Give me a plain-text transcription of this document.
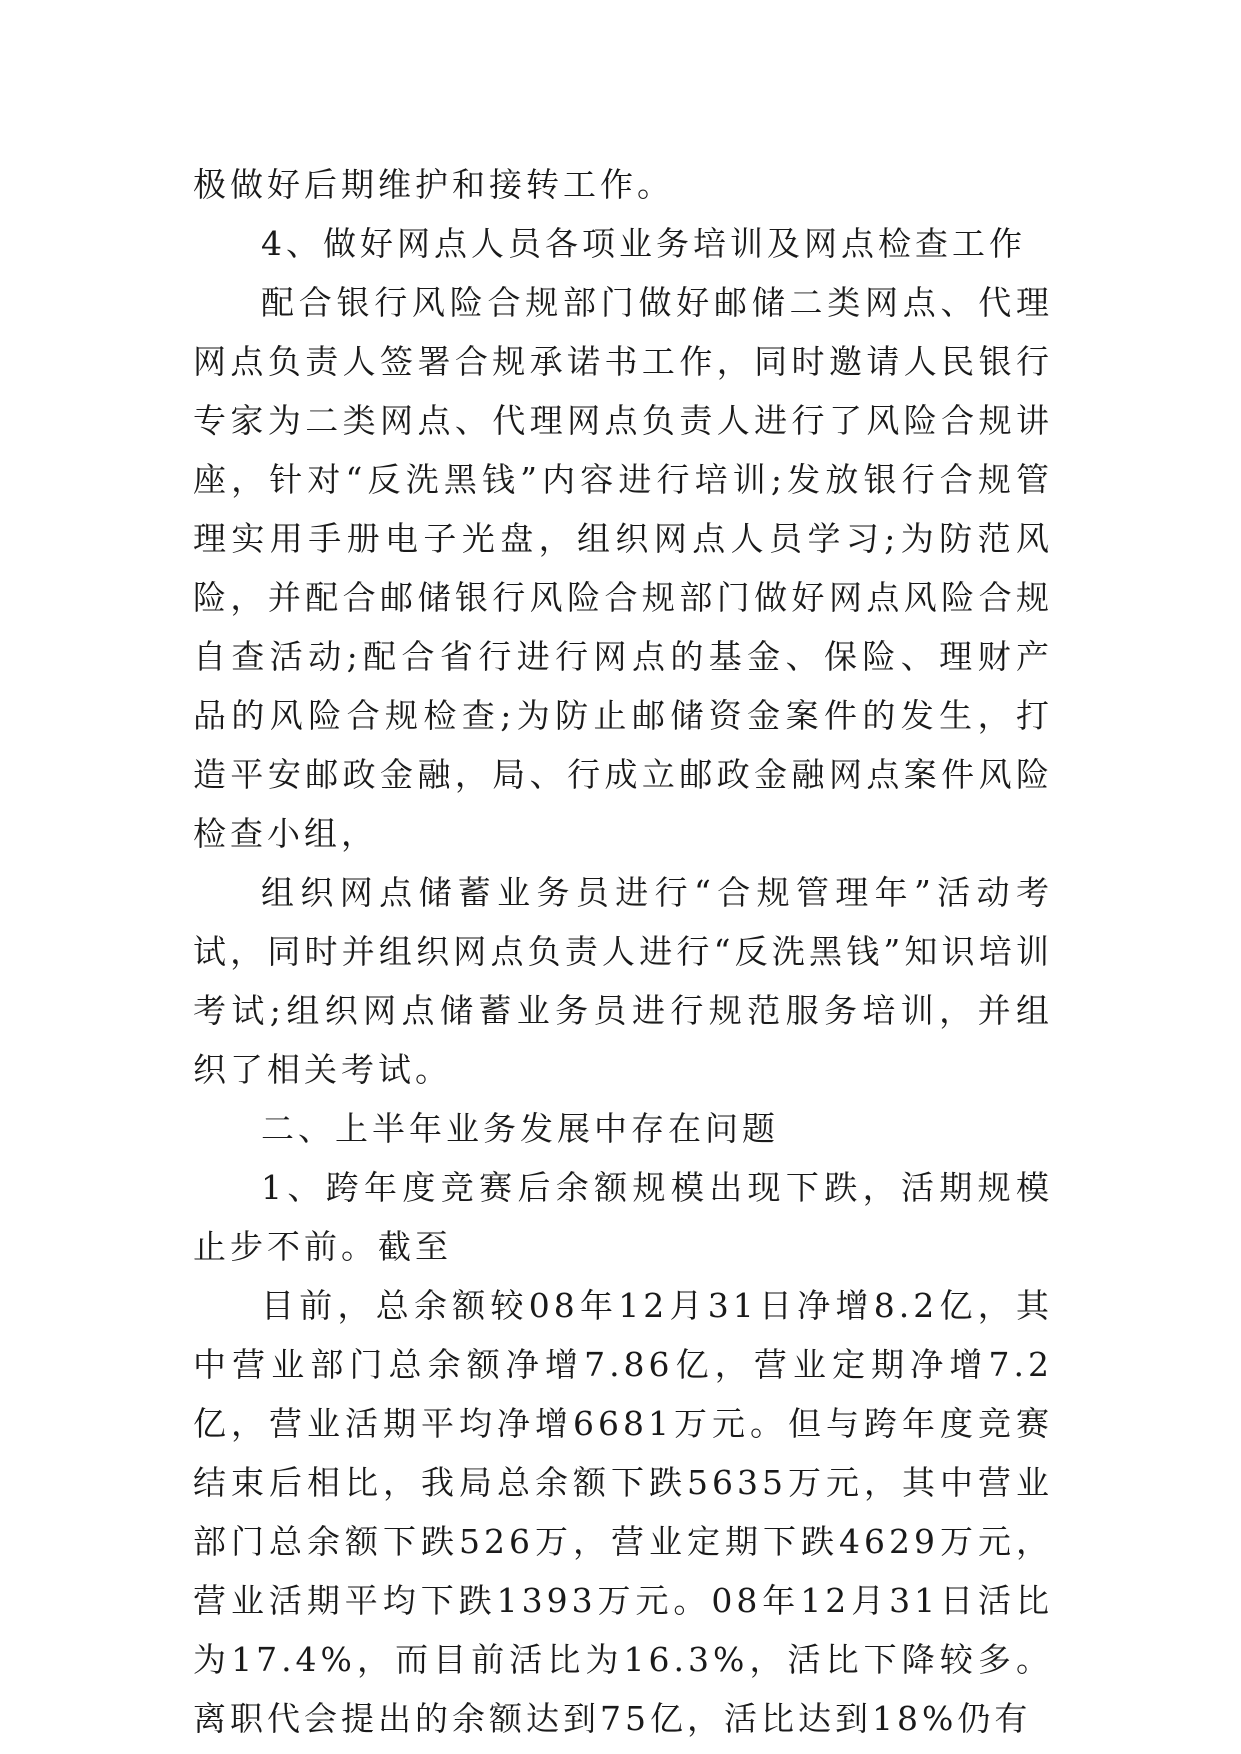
极做好后期维护和接转工作。

4、做好网点人员各项业务培训及网点检查工作

配合银行风险合规部门做好邮储二类网点、代理网点负责人签署合规承诺书工作，同时邀请人民银行专家为二类网点、代理网点负责人进行了风险合规讲座，针对“反洗黑钱”内容进行培训;发放银行合规管理实用手册电子光盘，组织网点人员学习;为防范风险，并配合邮储银行风险合规部门做好网点风险合规自查活动;配合省行进行网点的基金、保险、理财产品的风险合规检查;为防止邮储资金案件的发生，打造平安邮政金融，局、行成立邮政金融网点案件风险检查小组，

组织网点储蓄业务员进行“合规管理年”活动考试，同时并组织网点负责人进行“反洗黑钱”知识培训考试;组织网点储蓄业务员进行规范服务培训，并组织了相关考试。

二、上半年业务发展中存在问题

1、跨年度竞赛后余额规模出现下跌，活期规模止步不前。截至

目前，总余额较08年12月31日净增8.2亿，其中营业部门总余额净增7.86亿，营业定期净增7.2亿，营业活期平均净增6681万元。但与跨年度竞赛结束后相比，我局总余额下跌5635万元，其中营业部门总余额下跌526万，营业定期下跌4629万元，营业活期平均下跌1393万元。08年12月31日活比为17.4%，而目前活比为16.3%，活比下降较多。离职代会提出的余额达到75亿，活比达到18%仍有
